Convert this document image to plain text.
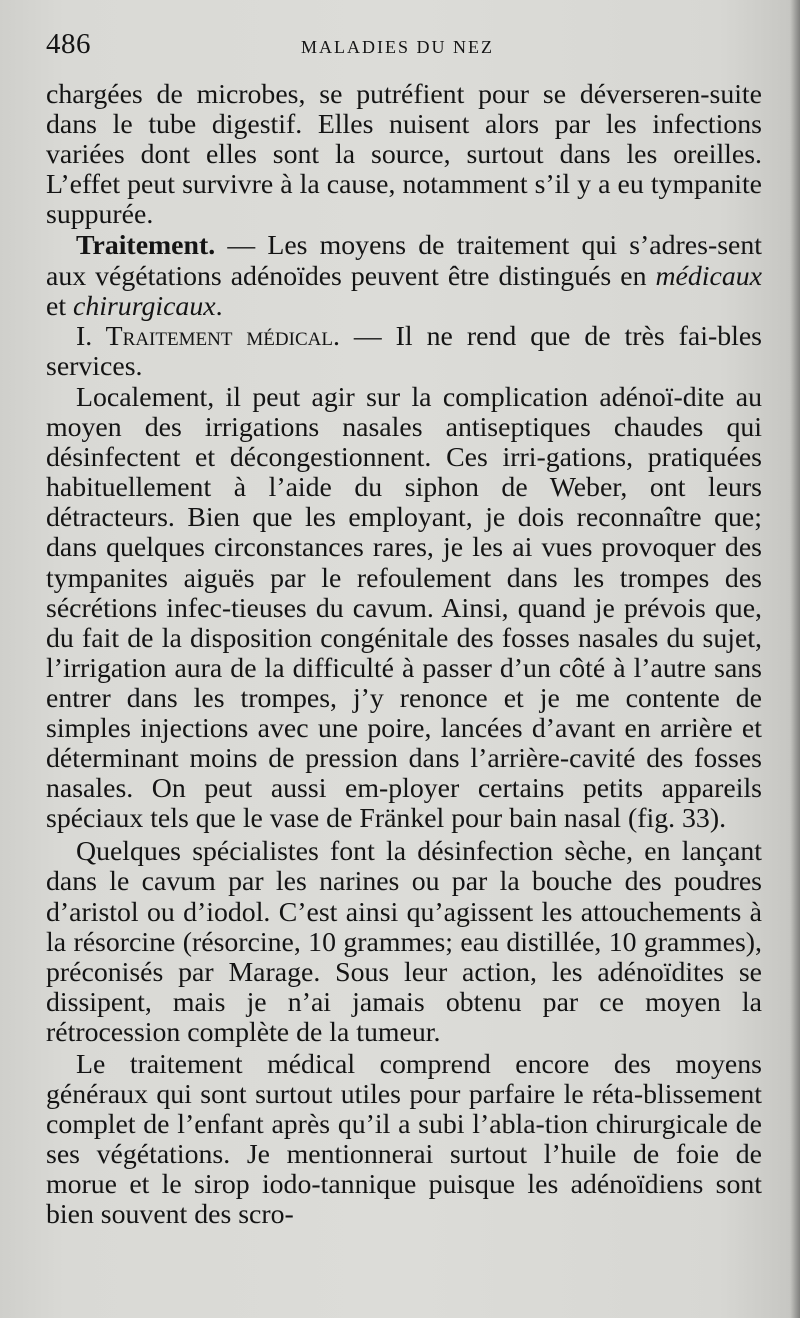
486	MALADIES DU NEZ

chargées de microbes, se putréfient pour se déverseren-suite dans le tube digestif. Elles nuisent alors par les infections variées dont elles sont la source, surtout dans les oreilles. L’effet peut survivre à la cause, notamment s’il y a eu tympanite suppurée.

Traitement. — Les moyens de traitement qui s’adres-sent aux végétations adénoïdes peuvent être distingués en médicaux et chirurgicaux.

I. Traitement médical. — Il ne rend que de très fai-bles services.

Localement, il peut agir sur la complication adénoï-dite au moyen des irrigations nasales antiseptiques chaudes qui désinfectent et décongestionnent. Ces irri-gations, pratiquées habituellement à l’aide du siphon de Weber, ont leurs détracteurs. Bien que les employant, je dois reconnaître que; dans quelques circonstances rares, je les ai vues provoquer des tympanites aiguës par le refoulement dans les trompes des sécrétions infec-tieuses du cavum. Ainsi, quand je prévois que, du fait de la disposition congénitale des fosses nasales du sujet, l’irrigation aura de la difficulté à passer d’un côté à l’autre sans entrer dans les trompes, j’y renonce et je me contente de simples injections avec une poire, lancées d’avant en arrière et déterminant moins de pression dans l’arrière-cavité des fosses nasales. On peut aussi em-ployer certains petits appareils spéciaux tels que le vase de Fränkel pour bain nasal (fig. 33).

Quelques spécialistes font la désinfection sèche, en lançant dans le cavum par les narines ou par la bouche des poudres d’aristol ou d’iodol. C’est ainsi qu’agissent les attouchements à la résorcine (résorcine, 10 grammes; eau distillée, 10 grammes), préconisés par Marage. Sous leur action, les adénoïdites se dissipent, mais je n’ai jamais obtenu par ce moyen la rétrocession complète de la tumeur.

Le traitement médical comprend encore des moyens généraux qui sont surtout utiles pour parfaire le réta-blissement complet de l’enfant après qu’il a subi l’abla-tion chirurgicale de ses végétations. Je mentionnerai surtout l’huile de foie de morue et le sirop iodo-tannique puisque les adénoïdiens sont bien souvent des scro-
